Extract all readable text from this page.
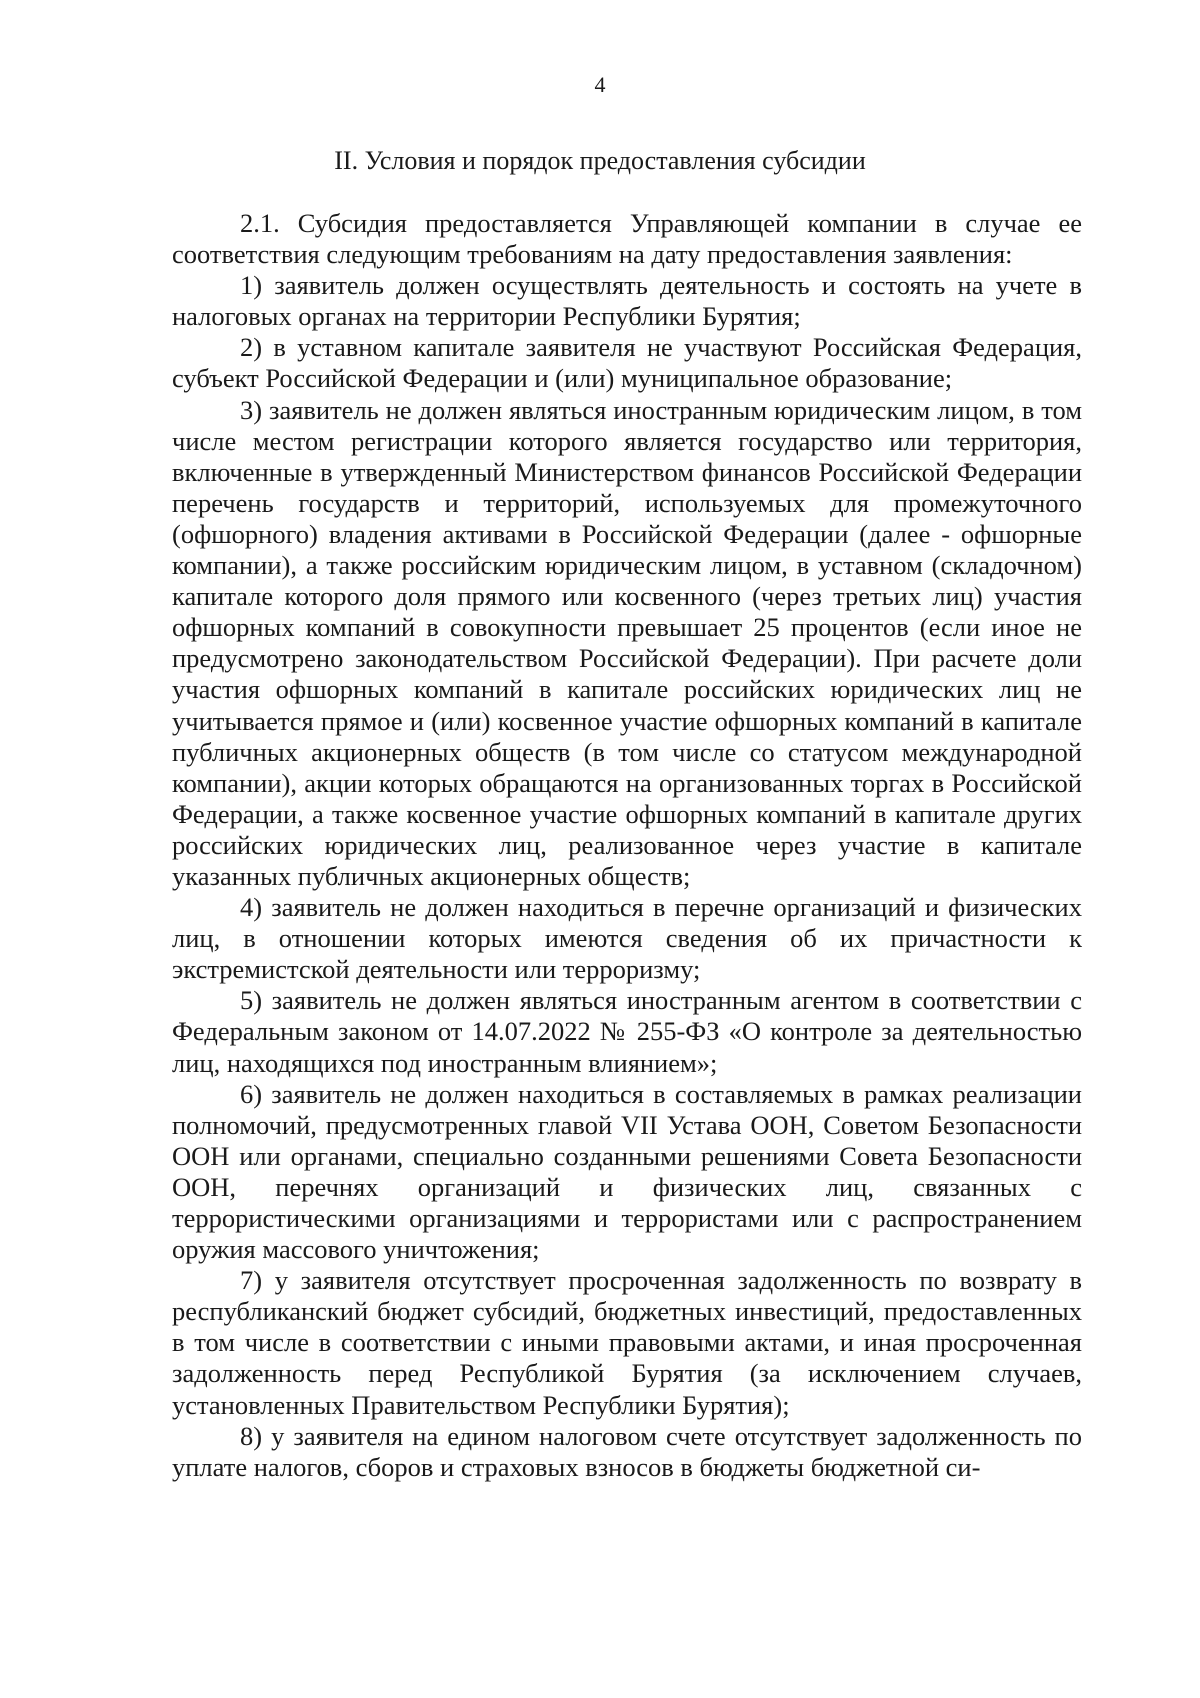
4
II. Условия и порядок предоставления субсидии

2.1. Субсидия предоставляется Управляющей компании в случае ее соответствия следующим требованиям на дату предоставления заявления:

1) заявитель должен осуществлять деятельность и состоять на учете в налоговых органах на территории Республики Бурятия;

2) в уставном капитале заявителя не участвуют Российская Федерация, субъект Российской Федерации и (или) муниципальное образование;

3) заявитель не должен являться иностранным юридическим лицом, в том числе местом регистрации которого является государство или территория, включенные в утвержденный Министерством финансов Российской Федерации перечень государств и территорий, используемых для промежуточного (офшорного) владения активами в Российской Федерации (далее - офшорные компании), а также российским юридическим лицом, в уставном (складочном) капитале которого доля прямого или косвенного (через третьих лиц) участия офшорных компаний в совокупности превышает 25 процентов (если иное не предусмотрено законодательством Российской Федерации). При расчете доли участия офшорных компаний в капитале российских юридических лиц не учитывается прямое и (или) косвенное участие офшорных компаний в капитале публичных акционерных обществ (в том числе со статусом международной компании), акции которых обращаются на организованных торгах в Российской Федерации, а также косвенное участие офшорных компаний в капитале других российских юридических лиц, реализованное через участие в капитале указанных публичных акционерных обществ;

4) заявитель не должен находиться в перечне организаций и физических лиц, в отношении которых имеются сведения об их причастности к экстремистской деятельности или терроризму;

5) заявитель не должен являться иностранным агентом в соответствии с Федеральным законом от 14.07.2022 № 255-ФЗ «О контроле за деятельностью лиц, находящихся под иностранным влиянием»;

6) заявитель не должен находиться в составляемых в рамках реализации полномочий, предусмотренных главой VII Устава ООН, Советом Безопасности ООН или органами, специально созданными решениями Совета Безопасности ООН, перечнях организаций и физических лиц, связанных с террористическими организациями и террористами или с распространением оружия массового уничтожения;

7) у заявителя отсутствует просроченная задолженность по возврату в республиканский бюджет субсидий, бюджетных инвестиций, предоставленных в том числе в соответствии с иными правовыми актами, и иная просроченная задолженность перед Республикой Бурятия (за исключением случаев, установленных Правительством Республики Бурятия);

8) у заявителя на едином налоговом счете отсутствует задолженность по уплате налогов, сборов и страховых взносов в бюджеты бюджетной си-
